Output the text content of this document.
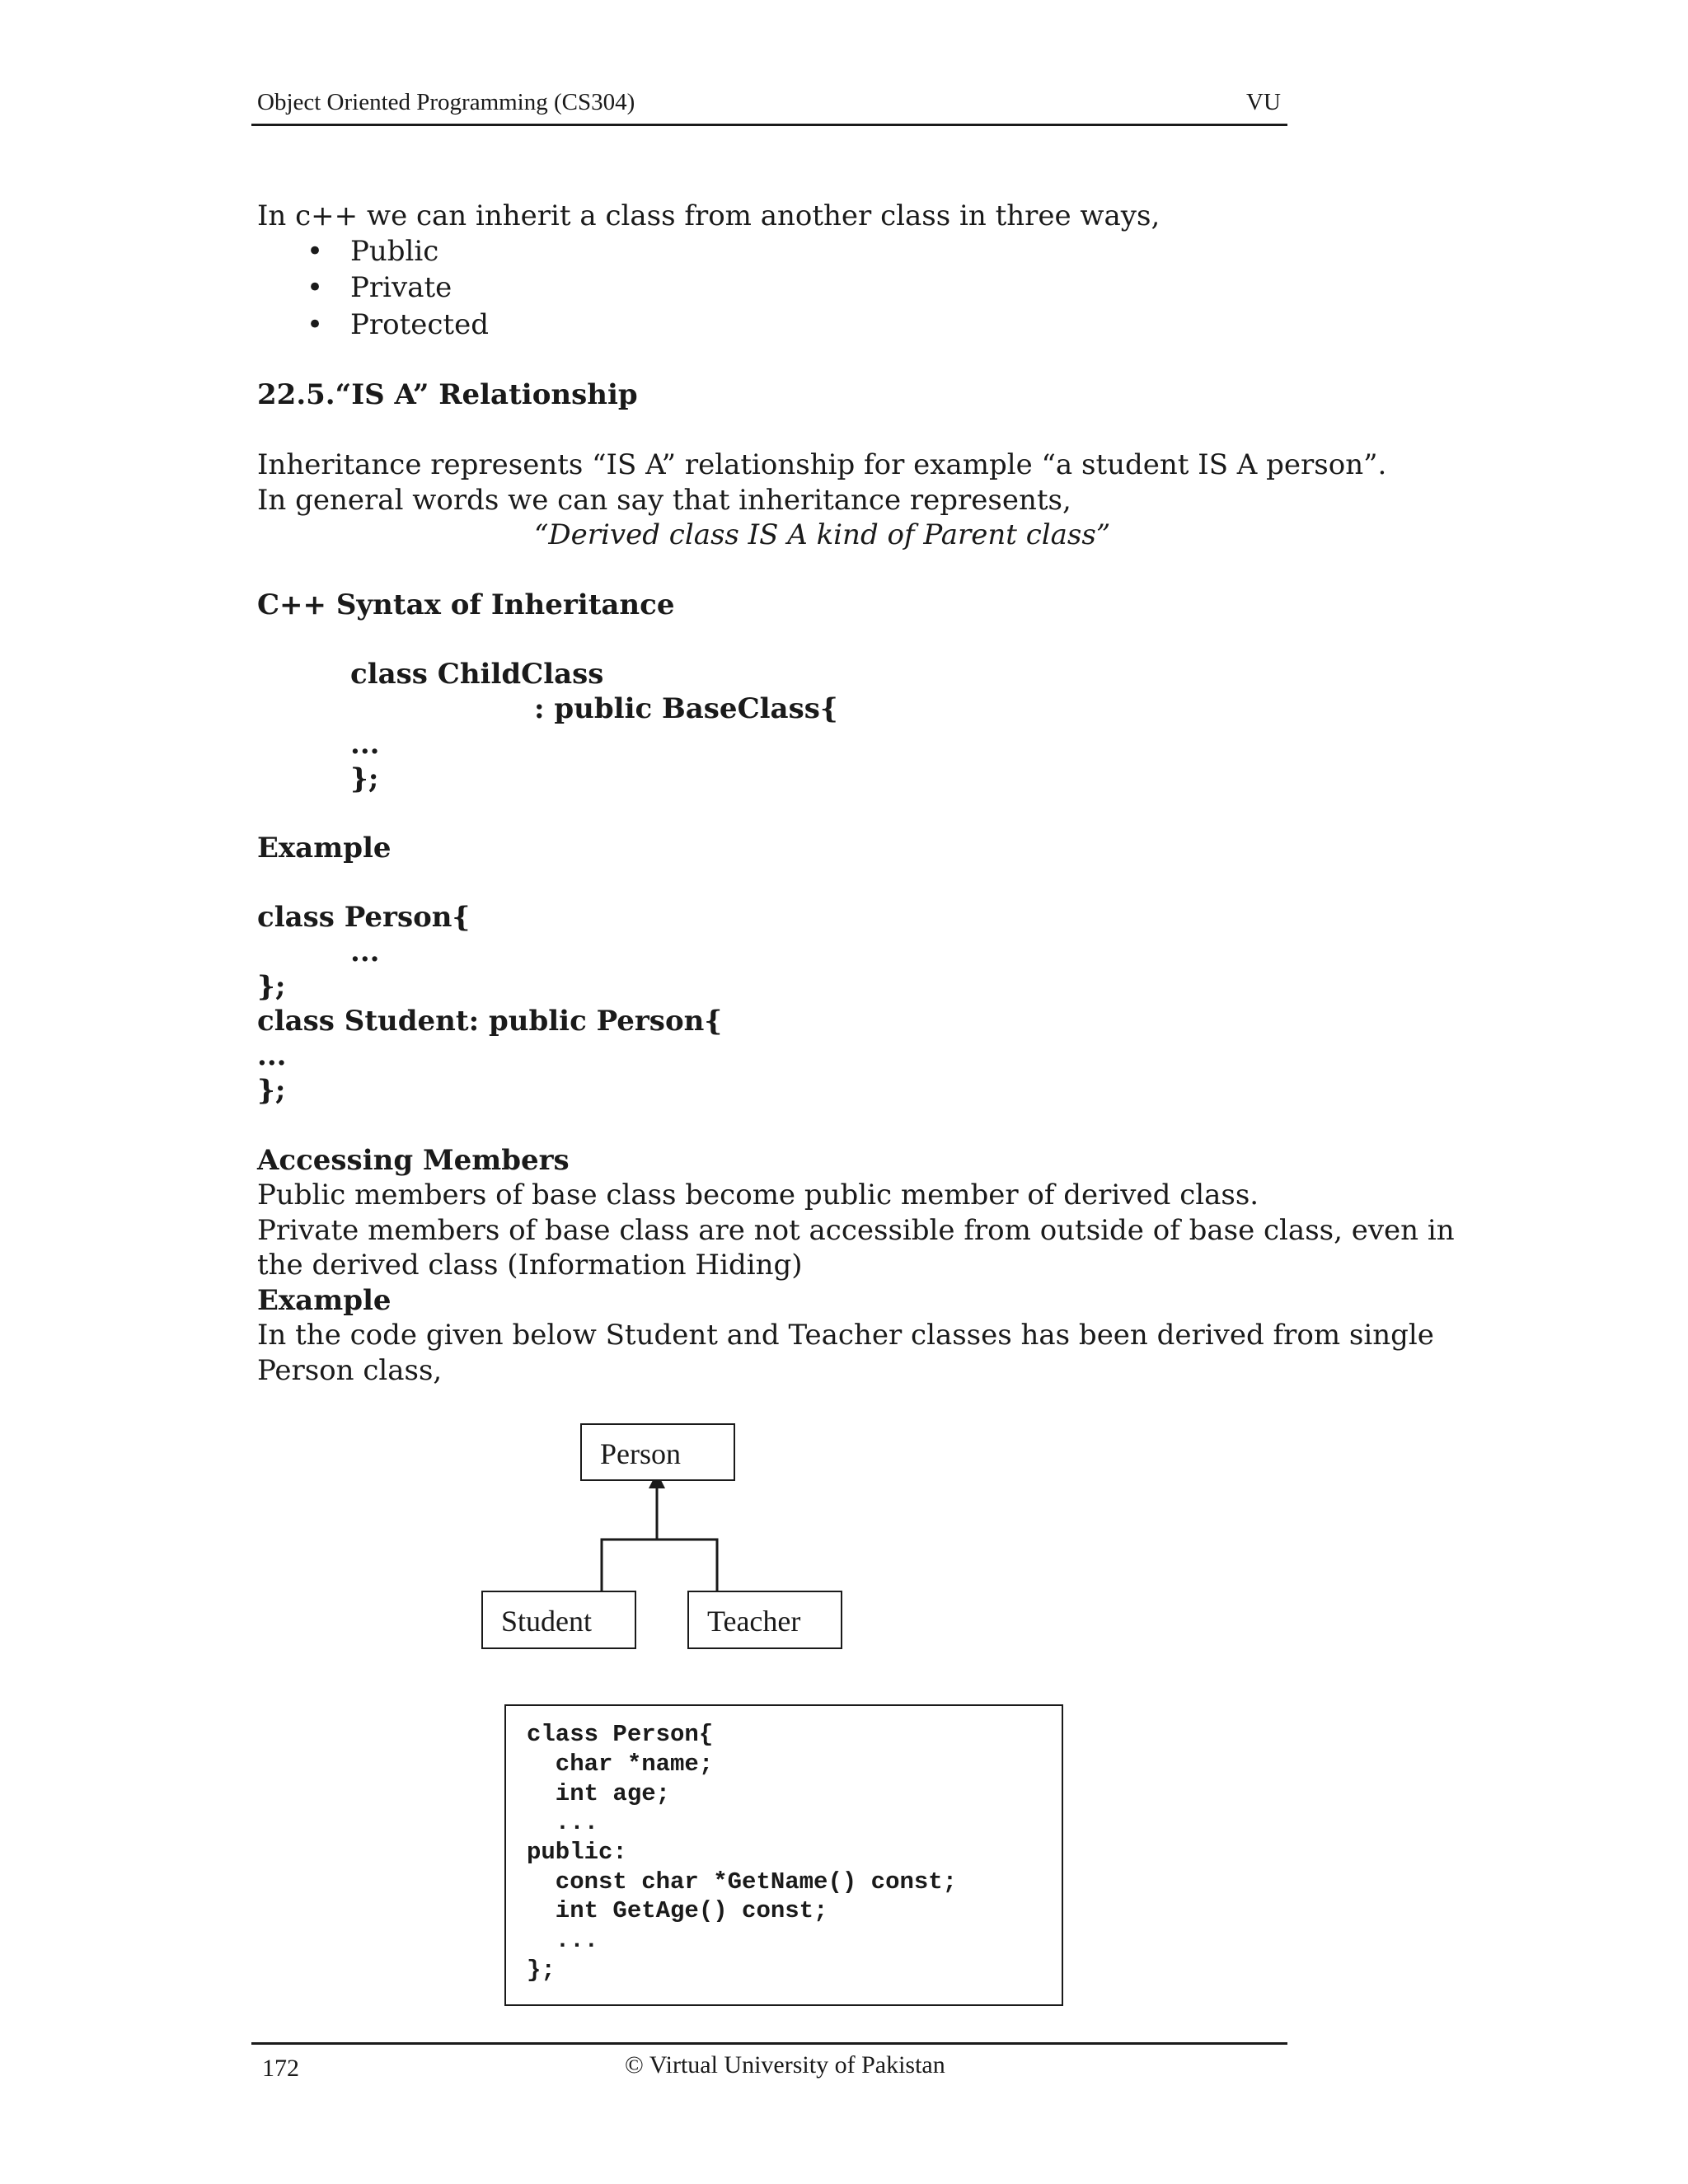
Object Oriented Programming (CS304)	VU
In c++ we can inherit a class from another class in three ways,
• Public
• Private
• Protected
22.5.“IS A” Relationship
Inheritance represents “IS A” relationship for example “a student IS A person”.
In general words we can say that inheritance represents,
“Derived class IS A kind of Parent class”
C++ Syntax of Inheritance
class ChildClass
: public BaseClass{
...
};
Example
class Person{
...
};
class Student: public Person{
...
};
Accessing Members
Public members of base class become public member of derived class.
Private members of base class are not accessible from outside of base class, even in
the derived class (Information Hiding)
Example
In the code given below Student and Teacher classes has been derived from single
Person class,
Person
Student	Teacher
class Person{
char *name;
int age;
...
public:
const char *GetName() const;
int GetAge() const;
...
};
172	© Virtual University of Pakistan
